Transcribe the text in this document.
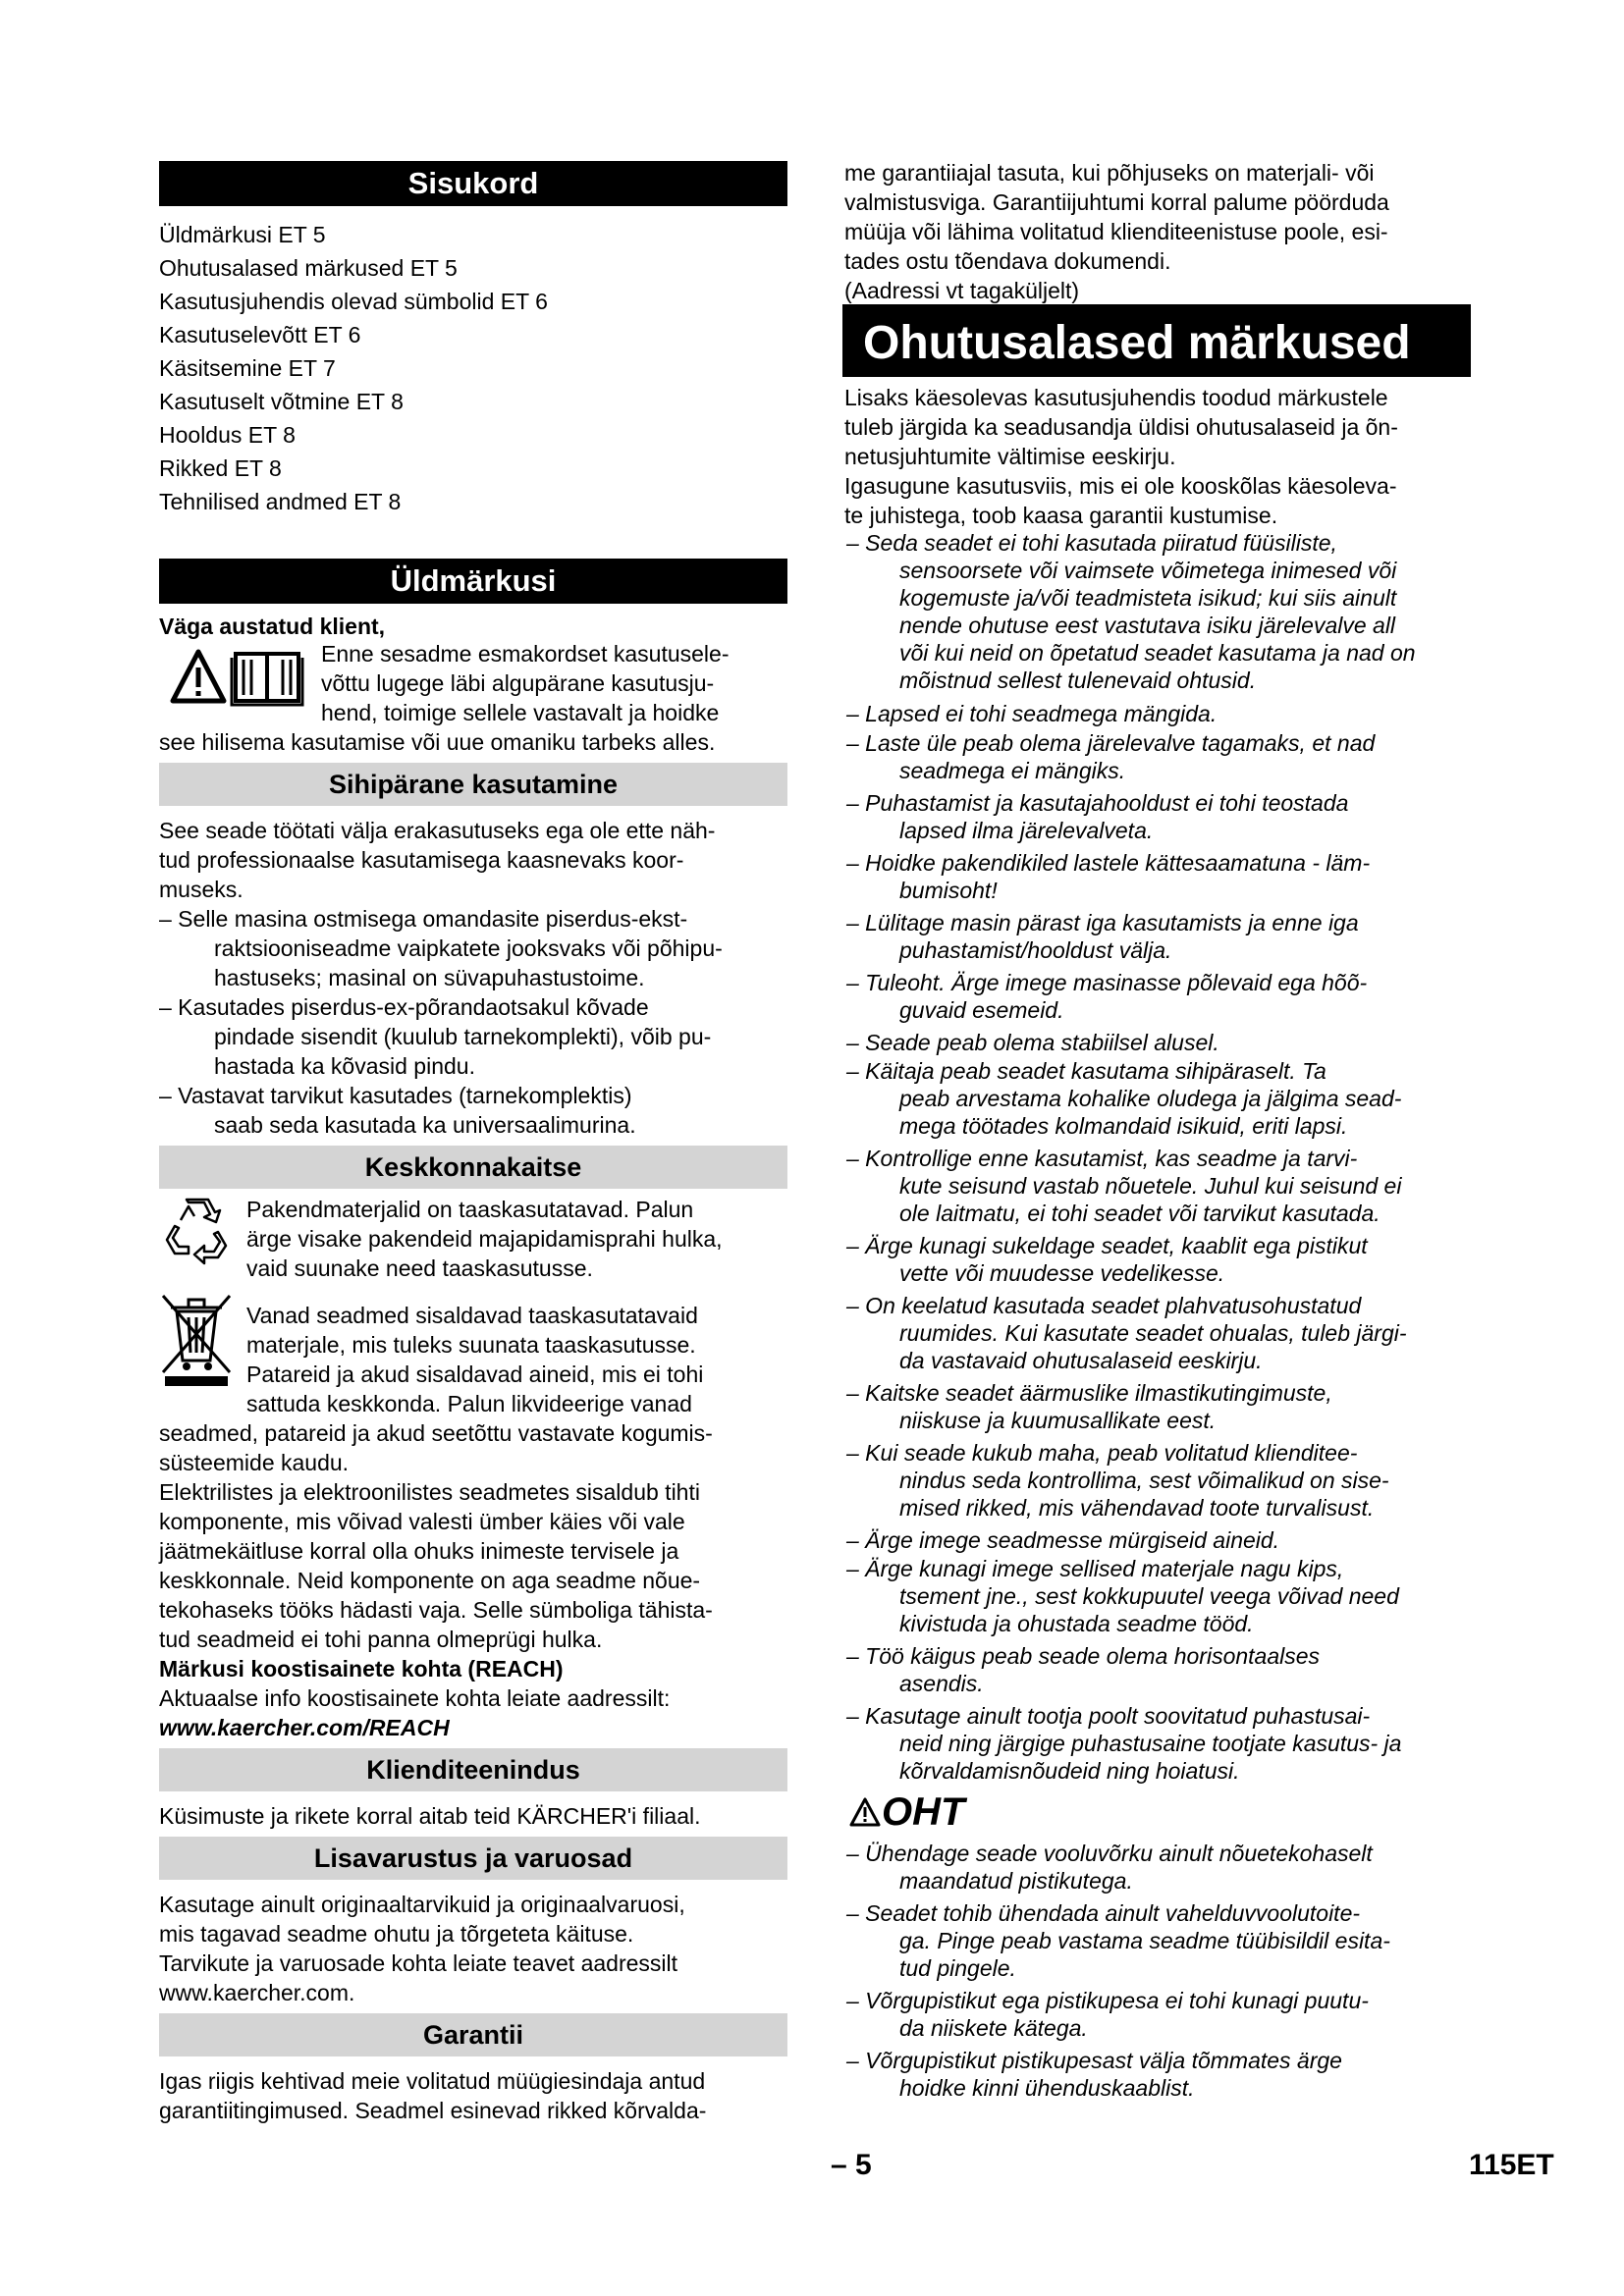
Sisukord
Üldmärkusi ET 5
Ohutusalased märkused ET 5
Kasutusjuhendis olevad sümbolid ET 6
Kasutuselevõtt ET 6
Käsitsemine ET 7
Kasutuselt võtmine ET 8
Hooldus ET 8
Rikked ET 8
Tehnilised andmed ET 8
Üldmärkusi
Väga austatud klient,
Enne sesadme esmakordset kasutusele-
võttu lugege läbi algupärane kasutusju-
hend, toimige sellele vastavalt ja hoidke
see hilisema kasutamise või uue omaniku tarbeks alles.
Sihipärane kasutamine
See seade töötati välja erakasutuseks ega ole ette näh-
tud professionaalse kasutamisega kaasnevaks koor-
museks.
– Selle masina ostmisega omandasite piserdus-ekst-
raktsiooniseadme vaipkatete jooksvaks või põhipu-
hastuseks; masinal on süvapuhastustoime.
– Kasutades piserdus-ex-põrandaotsakul kõvade
pindade sisendit (kuulub tarnekomplekti), võib pu-
hastada ka kõvasid pindu.
– Vastavat tarvikut kasutades (tarnekomplektis)
saab seda kasutada ka universaalimurina.
Keskkonnakaitse
Pakendmaterjalid on taaskasutatavad. Palun
ärge visake pakendeid majapidamisprahi hulka,
vaid suunake need taaskasutusse.
Vanad seadmed sisaldavad taaskasutatavaid
materjale, mis tuleks suunata taaskasutusse.
Patareid ja akud sisaldavad aineid, mis ei tohi
sattuda keskkonda. Palun likvideerige vanad
seadmed, patareid ja akud seetõttu vastavate kogumis-
süsteemide kaudu.
Elektrilistes ja elektroonilistes seadmetes sisaldub tihti
komponente, mis võivad valesti ümber käies või vale
jäätmekäitluse korral olla ohuks inimeste tervisele ja
keskkonnale. Neid komponente on aga seadme nõue-
tekohaseks tööks hädasti vaja. Selle sümboliga tähista-
tud seadmeid ei tohi panna olmeprügi hulka.
Märkusi koostisainete kohta (REACH)
Aktuaalse info koostisainete kohta leiate aadressilt:
www.kaercher.com/REACH
Klienditeenindus
Küsimuste ja rikete korral aitab teid KÄRCHER'i filiaal.
Lisavarustus ja varuosad
Kasutage ainult originaaltarvikuid ja originaalvaruosi,
mis tagavad seadme ohutu ja tõrgeteta käituse.
Tarvikute ja varuosade kohta leiate teavet aadressilt
www.kaercher.com.
Garantii
Igas riigis kehtivad meie volitatud müügiesindaja antud
garantiitingimused. Seadmel esinevad rikked kõrvalda-
me garantiiajal tasuta, kui põhjuseks on materjali- või
valmistusviga. Garantiijuhtumi korral palume pöörduda
müüja või lähima volitatud klienditeenistuse poole, esi-
tades ostu tõendava dokumendi.
(Aadressi vt tagaküljelt)
Ohutusalased märkused
Lisaks käesolevas kasutusjuhendis toodud märkustele
tuleb järgida ka seadusandja üldisi ohutusalaseid ja õn-
netusjuhtumite vältimise eeskirju.
Igasugune kasutusviis, mis ei ole kooskõlas käesoleva-
te juhistega, toob kaasa garantii kustumise.
– Seda seadet ei tohi kasutada piiratud füüsiliste,
sensoorsete või vaimsete võimetega inimesed või
kogemuste ja/või teadmisteta isikud; kui siis ainult
nende ohutuse eest vastutava isiku järelevalve all
või kui neid on õpetatud seadet kasutama ja nad on
mõistnud sellest tulenevaid ohtusid.
– Lapsed ei tohi seadmega mängida.
– Laste üle peab olema järelevalve tagamaks, et nad
seadmega ei mängiks.
– Puhastamist ja kasutajahooldust ei tohi teostada
lapsed ilma järelevalveta.
– Hoidke pakendikiled lastele kättesaamatuna - läm-
bumisoht!
– Lülitage masin pärast iga kasutamists ja enne iga
puhastamist/hooldust välja.
– Tuleoht. Ärge imege masinasse põlevaid ega hõõ-
guvaid esemeid.
– Seade peab olema stabiilsel alusel.
– Käitaja peab seadet kasutama sihipäraselt. Ta
peab arvestama kohalike oludega ja jälgima sead-
mega töötades kolmandaid isikuid, eriti lapsi.
– Kontrollige enne kasutamist, kas seadme ja tarvi-
kute seisund vastab nõuetele. Juhul kui seisund ei
ole laitmatu, ei tohi seadet või tarvikut kasutada.
– Ärge kunagi sukeldage seadet, kaablit ega pistikut
vette või muudesse vedelikesse.
– On keelatud kasutada seadet plahvatusohustatud
ruumides. Kui kasutate seadet ohualas, tuleb järgi-
da vastavaid ohutusalaseid eeskirju.
– Kaitske seadet äärmuslike ilmastikutingimuste,
niiskuse ja kuumusallikate eest.
– Kui seade kukub maha, peab volitatud klienditee-
nindus seda kontrollima, sest võimalikud on sise-
mised rikked, mis vähendavad toote turvalisust.
– Ärge imege seadmesse mürgiseid aineid.
– Ärge kunagi imege sellised materjale nagu kips,
tsement jne., sest kokkupuutel veega võivad need
kivistuda ja ohustada seadme tööd.
– Töö käigus peab seade olema horisontaalses
asendis.
– Kasutage ainult tootja poolt soovitatud puhastusai-
neid ning järgige puhastusaine tootjate kasutus- ja
kõrvaldamisnõudeid ning hoiatusi.
OHT
– Ühendage seade vooluvõrku ainult nõuetekohaselt
maandatud pistikutega.
– Seadet tohib ühendada ainult vahelduvvoolutoite-
ga. Pinge peab vastama seadme tüübisildil esita-
tud pingele.
– Võrgupistikut ega pistikupesa ei tohi kunagi puutu-
da niiskete kätega.
– Võrgupistikut pistikupesast välja tõmmates ärge
hoidke kinni ühenduskaablist.
– 5	115ET
